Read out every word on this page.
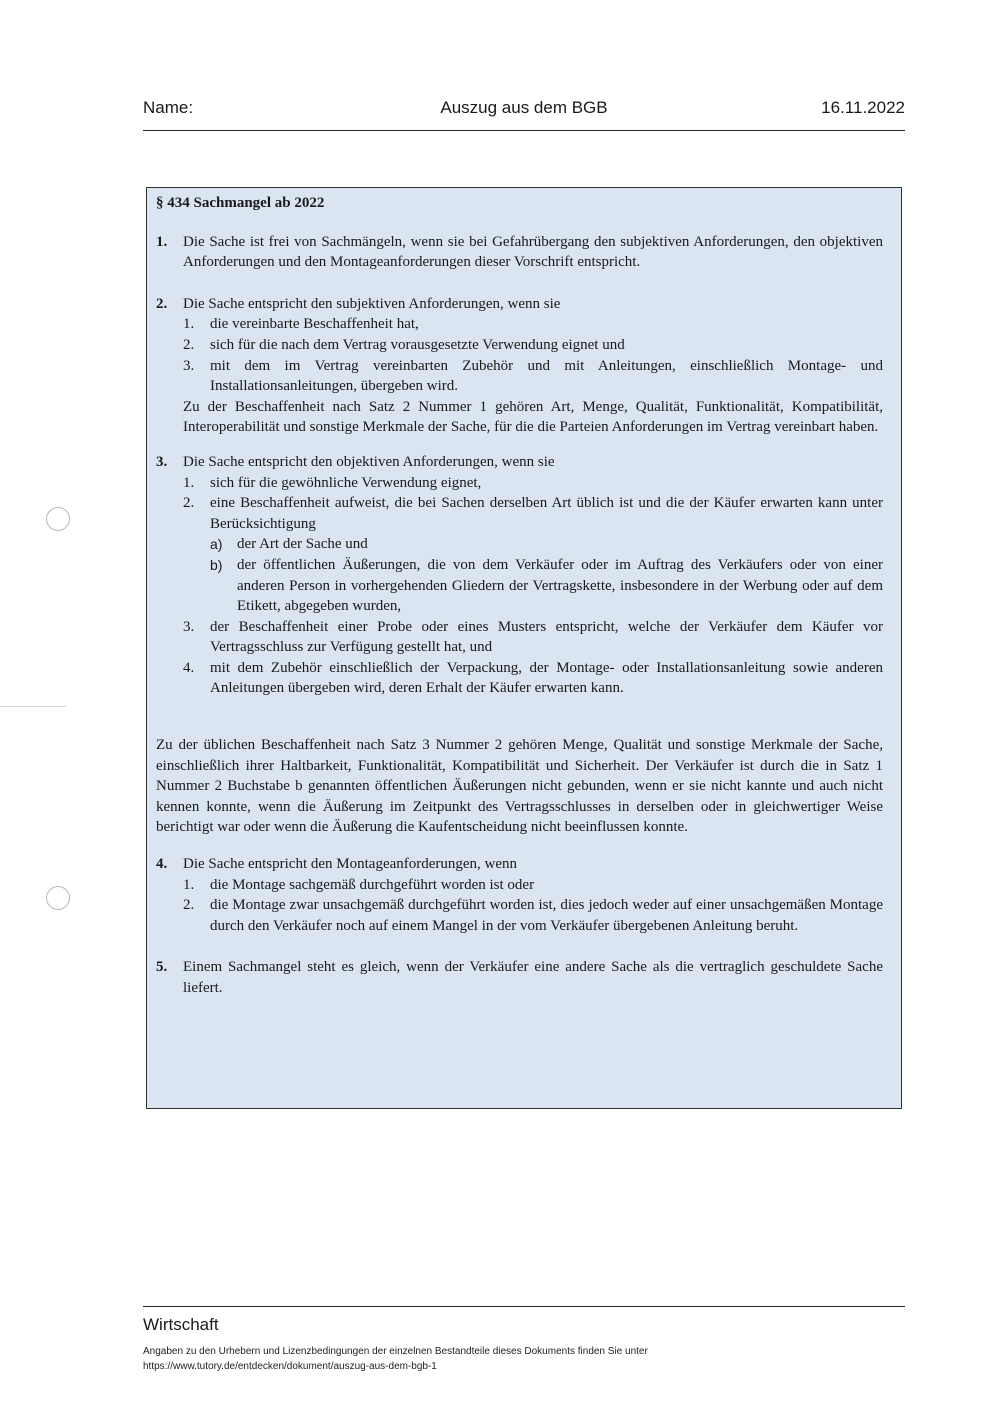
Name:	Auszug aus dem BGB	16.11.2022

§ 434 Sachmangel ab 2022

1. Die Sache ist frei von Sachmängeln, wenn sie bei Gefahrübergang den subjektiven Anforderungen, den objektiven Anforderungen und den Montageanforderungen dieser Vorschrift entspricht.

2. Die Sache entspricht den subjektiven Anforderungen, wenn sie

1. die vereinbarte Beschaffenheit hat,

2. sich für die nach dem Vertrag vorausgesetzte Verwendung eignet und

3. mit dem im Vertrag vereinbarten Zubehör und mit Anleitungen, einschließlich Montage- und Installationsanleitungen, übergeben wird.

Zu der Beschaffenheit nach Satz 2 Nummer 1 gehören Art, Menge, Qualität, Funktionalität, Kompatibilität, Interoperabilität und sonstige Merkmale der Sache, für die die Parteien Anforderungen im Vertrag vereinbart haben.

3. Die Sache entspricht den objektiven Anforderungen, wenn sie

1. sich für die gewöhnliche Verwendung eignet,

2. eine Beschaffenheit aufweist, die bei Sachen derselben Art üblich ist und die der Käufer erwarten kann unter Berücksichtigung

a) der Art der Sache und

b) der öffentlichen Äußerungen, die von dem Verkäufer oder im Auftrag des Verkäufers oder von einer anderen Person in vorhergehenden Gliedern der Vertragskette, insbesondere in der Werbung oder auf dem Etikett, abgegeben wurden,

3. der Beschaffenheit einer Probe oder eines Musters entspricht, welche der Verkäufer dem Käufer vor Vertragsschluss zur Verfügung gestellt hat, und

4. mit dem Zubehör einschließlich der Verpackung, der Montage- oder Installationsanleitung sowie anderen Anleitungen übergeben wird, deren Erhalt der Käufer erwarten kann.

Zu der üblichen Beschaffenheit nach Satz 3 Nummer 2 gehören Menge, Qualität und sonstige Merkmale der Sache, einschließlich ihrer Haltbarkeit, Funktionalität, Kompatibilität und Sicherheit. Der Verkäufer ist durch die in Satz 1 Nummer 2 Buchstabe b genannten öffentlichen Äußerungen nicht gebunden, wenn er sie nicht kannte und auch nicht kennen konnte, wenn die Äußerung im Zeitpunkt des Vertragsschlusses in derselben oder in gleichwertiger Weise berichtigt war oder wenn die Äußerung die Kaufentscheidung nicht beeinflussen konnte.

4. Die Sache entspricht den Montageanforderungen, wenn

1. die Montage sachgemäß durchgeführt worden ist oder

2. die Montage zwar unsachgemäß durchgeführt worden ist, dies jedoch weder auf einer unsachgemäßen Montage durch den Verkäufer noch auf einem Mangel in der vom Verkäufer übergebenen Anleitung beruht.

5. Einem Sachmangel steht es gleich, wenn der Verkäufer eine andere Sache als die vertraglich geschuldete Sache liefert.

Wirtschaft
Angaben zu den Urhebern und Lizenzbedingungen der einzelnen Bestandteile dieses Dokuments finden Sie unter
https://www.tutory.de/entdecken/dokument/auszug-aus-dem-bgb-1
